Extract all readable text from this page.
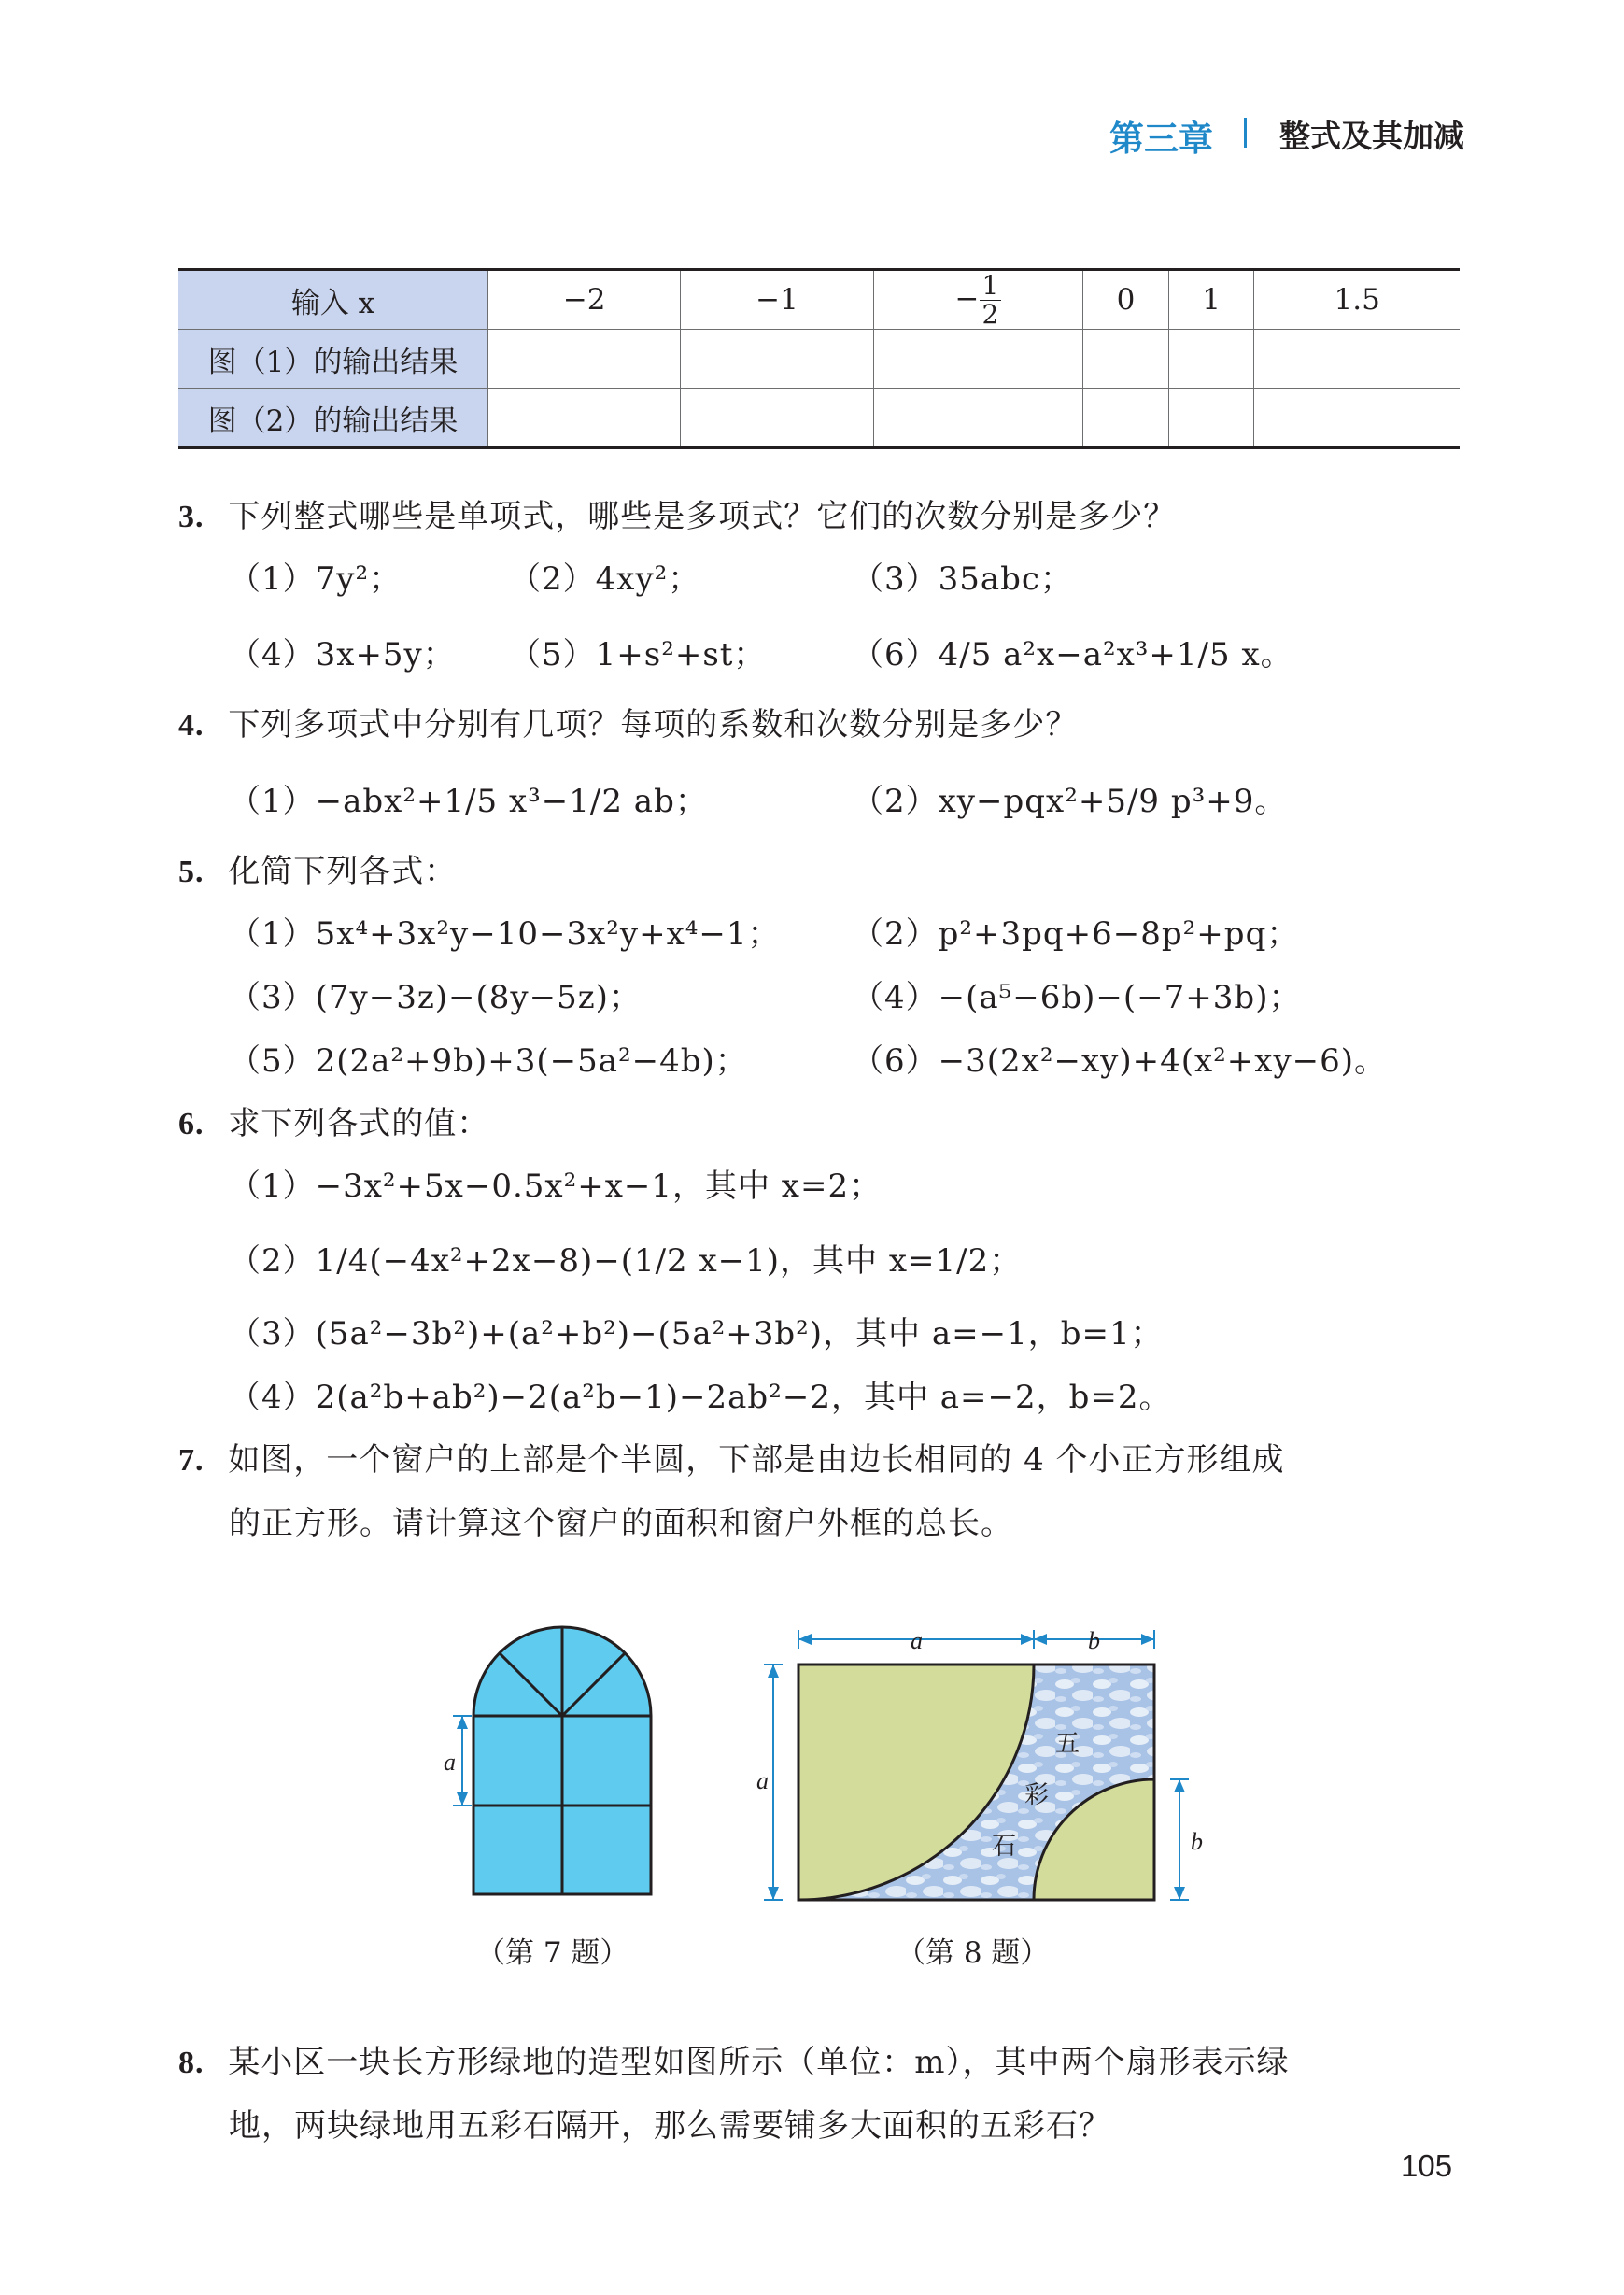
第三章 整式及其加减
输入 x	−2	−1	− $\frac{1}{2}$	0	1	1.5
图（1）的输出结果						
图（2）的输出结果						
3. 下列整式哪些是单项式，哪些是多项式？它们的次数分别是多少？
（1）7y²；	（2）4xy²；	（3）35abc；
（4）3x+5y； （5）1+s²+st；	（6）4/5 a²x−a²x³+1/5 x。
4. 下列多项式中分别有几项？每项的系数和次数分别是多少？
（1）−abx²+1/5 x³−1/2 ab；	（2）xy−pqx²+5/9 p³+9。
5. 化简下列各式：
（1）5x⁴+3x²y−10−3x²y+x⁴−1； （2）p²+3pq+6−8p²+pq；
（3）(7y−3z)−(8y−5z)；	（4）−(a⁵−6b)−(−7+3b)；
（5）2(2a²+9b)+3(−5a²−4b)；	（6）−3(2x²−xy)+4(x²+xy−6)。
6. 求下列各式的值：
（1）−3x²+5x−0.5x²+x−1，其中 x=2；
（2）1/4(−4x²+2x−8)−(1/2 x−1)，其中 x=1/2；
（3）(5a²−3b²)+(a²+b²)−(5a²+3b²)，其中 a=−1，b=1；
（4）2(a²b+ab²)−2(a²b−1)−2ab²−2，其中 a=−2，b=2。
7. 如图，一个窗户的上部是个半圆，下部是由边长相同的 4 个小正方形组成
的正方形。请计算这个窗户的面积和窗户外框的总长。
a
（第 7 题）
a	b
a
b
五
彩
石
（第 8 题）
8. 某小区一块长方形绿地的造型如图所示（单位：m），其中两个扇形表示绿
地，两块绿地用五彩石隔开，那么需要铺多大面积的五彩石？
105
